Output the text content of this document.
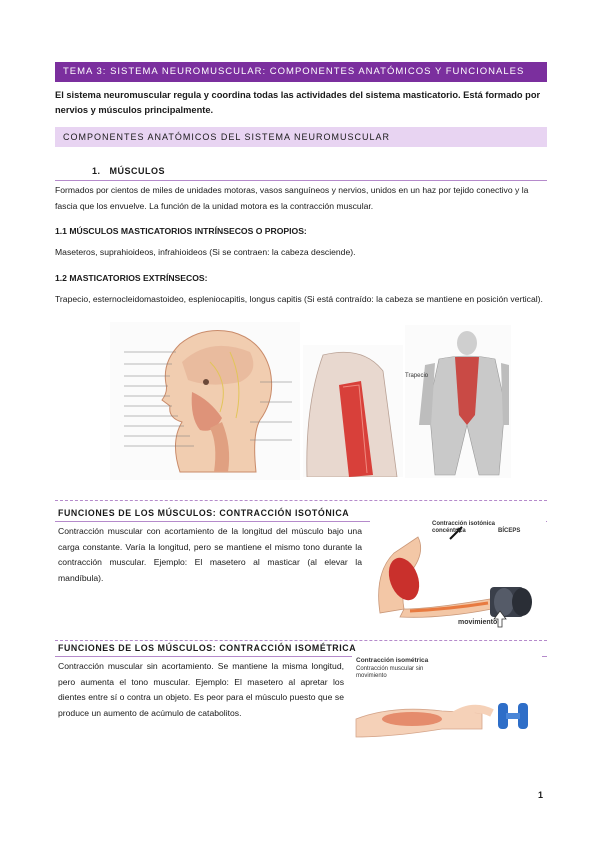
TEMA 3: SISTEMA NEUROMUSCULAR: COMPONENTES ANATÓMICOS Y FUNCIONALES
El sistema neuromuscular regula y coordina todas las actividades del sistema masticatorio. Está formado por nervios y músculos principalmente.
COMPONENTES ANATÓMICOS DEL SISTEMA NEUROMUSCULAR
1. MÚSCULOS
Formados por cientos de miles de unidades motoras, vasos sanguíneos y nervios, unidos en un haz por tejido conectivo y la fascia que los envuelve. La función de la unidad motora es la contracción muscular.
1.1 MÚSCULOS MASTICATORIOS INTRÍNSECOS O PROPIOS:
Maseteros, suprahioideos, infrahioideos (Si se contraen: la cabeza desciende).
1.2 MASTICATORIOS EXTRÍNSECOS:
Trapecio, esternocleidomastoideo, espleniocapitis, longus capitis (Si está contraído: la cabeza se mantiene en posición vertical).
Trapecio
FUNCIONES DE LOS MÚSCULOS: CONTRACCIÓN ISOTÓNICA
Contracción muscular con acortamiento de la longitud del músculo bajo una carga constante. Varía la longitud, pero se mantiene el mismo tono durante la contracción muscular. Ejemplo: El masetero al masticar (al elevar la mandíbula).
Contracción isotónica concéntrica	BÍCEPS
movimiento
FUNCIONES DE LOS MÚSCULOS: CONTRACCIÓN ISOMÉTRICA
Contracción muscular sin acortamiento. Se mantiene la misma longitud, pero aumenta el tono muscular. Ejemplo: El masetero al apretar los dientes entre sí o contra un objeto. Es peor para el músculo puesto que se produce un aumento de acúmulo de catabolitos.
Contracción isométrica
Contracción muscular sin movimiento
1
